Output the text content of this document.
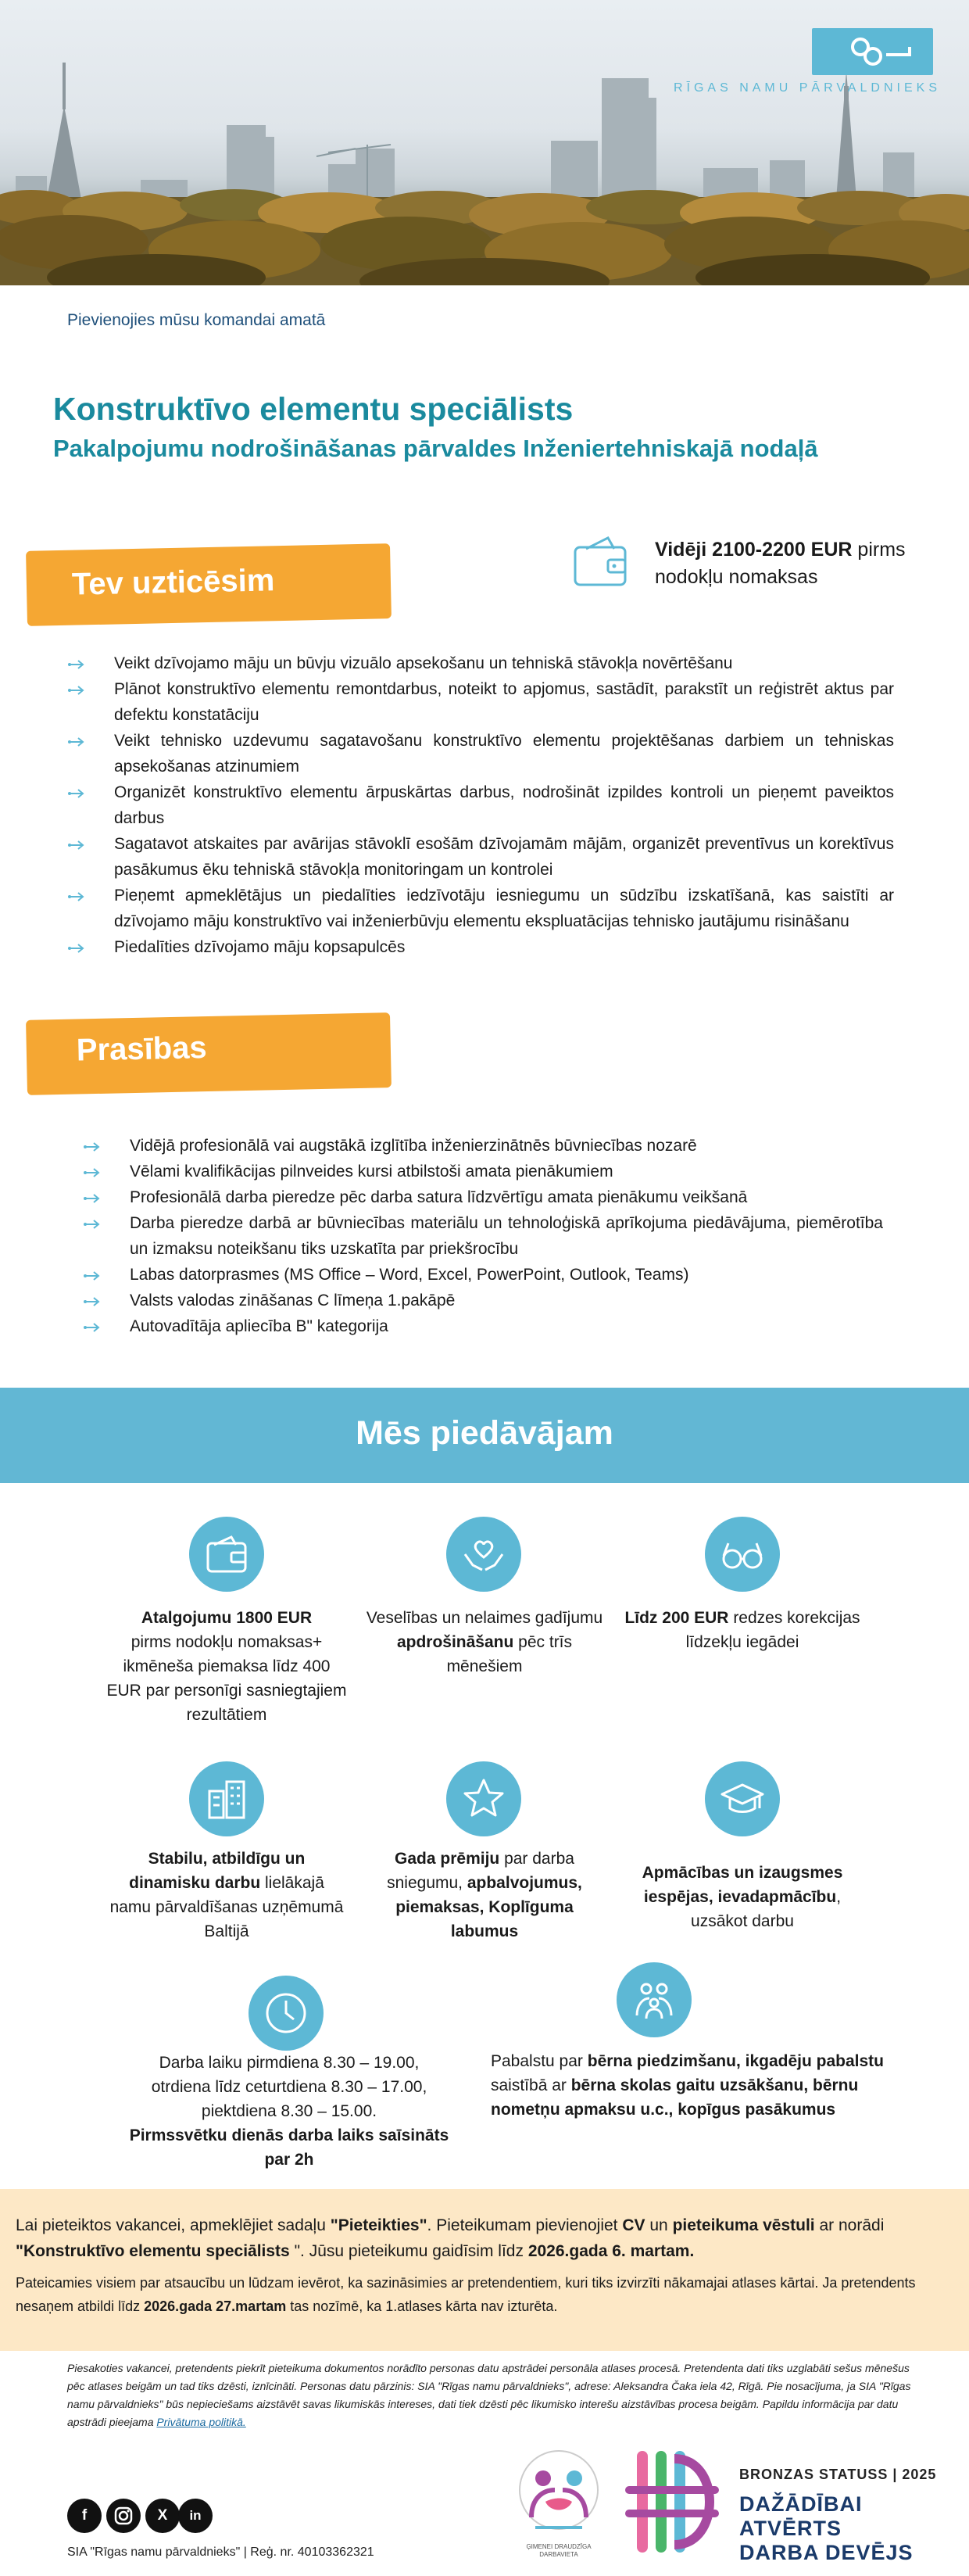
RĪGAS NAMU PĀRVALDNIEKS
Pievienojies mūsu komandai amatā
Konstruktīvo elementu speciālists
Pakalpojumu nodrošināšanas pārvaldes Inženiertehniskajā nodaļā
Vidēji 2100-2200 EUR pirms nodokļu nomaksas
Tev uzticēsim
Veikt dzīvojamo māju un būvju vizuālo apsekošanu un tehniskā stāvokļa novērtēšanu
Plānot konstruktīvo elementu remontdarbus, noteikt to apjomus, sastādīt, parakstīt un reģistrēt aktus par defektu konstatāciju
Veikt tehnisko uzdevumu sagatavošanu konstruktīvo elementu projektēšanas darbiem un tehniskas apsekošanas atzinumiem
Organizēt konstruktīvo elementu ārpuskārtas darbus, nodrošināt izpildes kontroli un pieņemt paveiktos darbus
Sagatavot atskaites par avārijas stāvoklī esošām dzīvojamām mājām, organizēt preventīvus un korektīvus pasākumus ēku tehniskā stāvokļa monitoringam un kontrolei
Pieņemt apmeklētājus un piedalīties iedzīvotāju iesniegumu un sūdzību izskatīšanā, kas saistīti ar dzīvojamo māju konstruktīvo vai inženierbūvju elementu ekspluatācijas tehnisko jautājumu risināšanu
Piedalīties dzīvojamo māju kopsapulcēs
Prasības
Vidējā profesionālā vai augstākā izglītība inženierzinātnēs būvniecības nozarē
Vēlami kvalifikācijas pilnveides kursi atbilstoši amata pienākumiem
Profesionālā darba pieredze pēc darba satura līdzvērtīgu amata pienākumu veikšanā
Darba pieredze darbā ar būvniecības materiālu un tehnoloģiskā aprīkojuma piedāvājuma, piemērotība un izmaksu noteikšanu tiks uzskatīta par priekšrocību
Labas datorprasmes (MS Office – Word, Excel, PowerPoint, Outlook, Teams)
Valsts valodas zināšanas C līmeņa 1.pakāpē
Autovadītāja apliecība B" kategorija
Mēs piedāvājam
Atalgojumu 1800 EUR
pirms nodokļu nomaksas+ ikmēneša piemaksa līdz 400 EUR par personīgi sasniegtajiem rezultātiem
Veselības un nelaimes gadījumu apdrošināšanu pēc trīs mēnešiem
Līdz 200 EUR redzes korekcijas līdzekļu iegādei
Stabilu, atbildīgu un dinamisku darbu lielākajā namu pārvaldīšanas uzņēmumā Baltijā
Gada prēmiju par darba sniegumu, apbalvojumus, piemaksas, Koplīguma labumus
Apmācības un izaugsmes iespējas, ievadapmācību, uzsākot darbu
Darba laiku pirmdiena 8.30 – 19.00,
otrdiena līdz ceturtdiena 8.30 – 17.00,
piektdiena 8.30 – 15.00.
Pirmssvētku dienās darba laiks saīsināts par 2h
Pabalstu par bērna piedzimšanu, ikgadēju pabalstu saistībā ar bērna skolas gaitu uzsākšanu, bērnu nometņu apmaksu u.c., kopīgus pasākumus
Lai pieteiktos vakancei, apmeklējiet sadaļu "Pieteikties". Pieteikumam pievienojiet CV un pieteikuma vēstuli ar norādi "Konstruktīvo elementu speciālists ". Jūsu pieteikumu gaidīsim līdz 2026.gada 6. martam.
Pateicamies visiem par atsaucību un lūdzam ievērot, ka sazināsimies ar pretendentiem, kuri tiks izvirzīti nākamajai atlases kārtai. Ja pretendents nesaņem atbildi līdz 2026.gada 27.martam tas nozīmē, ka 1.atlases kārta nav izturēta.
Piesakoties vakancei, pretendents piekrīt pieteikuma dokumentos norādīto personas datu apstrādei personāla atlases procesā. Pretendenta dati tiks uzglabāti sešus mēnešus pēc atlases beigām un tad tiks dzēsti, iznīcināti. Personas datu pārzinis: SIA "Rīgas namu pārvaldnieks", adrese: Aleksandra Čaka iela 42, Rīgā. Pie nosacījuma, ja SIA "Rīgas namu pārvaldnieks" būs nepieciešams aizstāvēt savas likumiskās intereses, dati tiek dzēsti pēc likumisko interešu aizstāvības procesa beigām. Papildu informācija par datu apstrādi pieejama Privātuma politikā.
f	X	in
SIA "Rīgas namu pārvaldnieks" | Reģ. nr. 40103362321	ĢIMENEI DRAUDZĪGA DARBAVIETA
BRONZAS STATUSS | 2025
DAŽĀDĪBAI ATVĒRTS
DARBA DEVĒJS
